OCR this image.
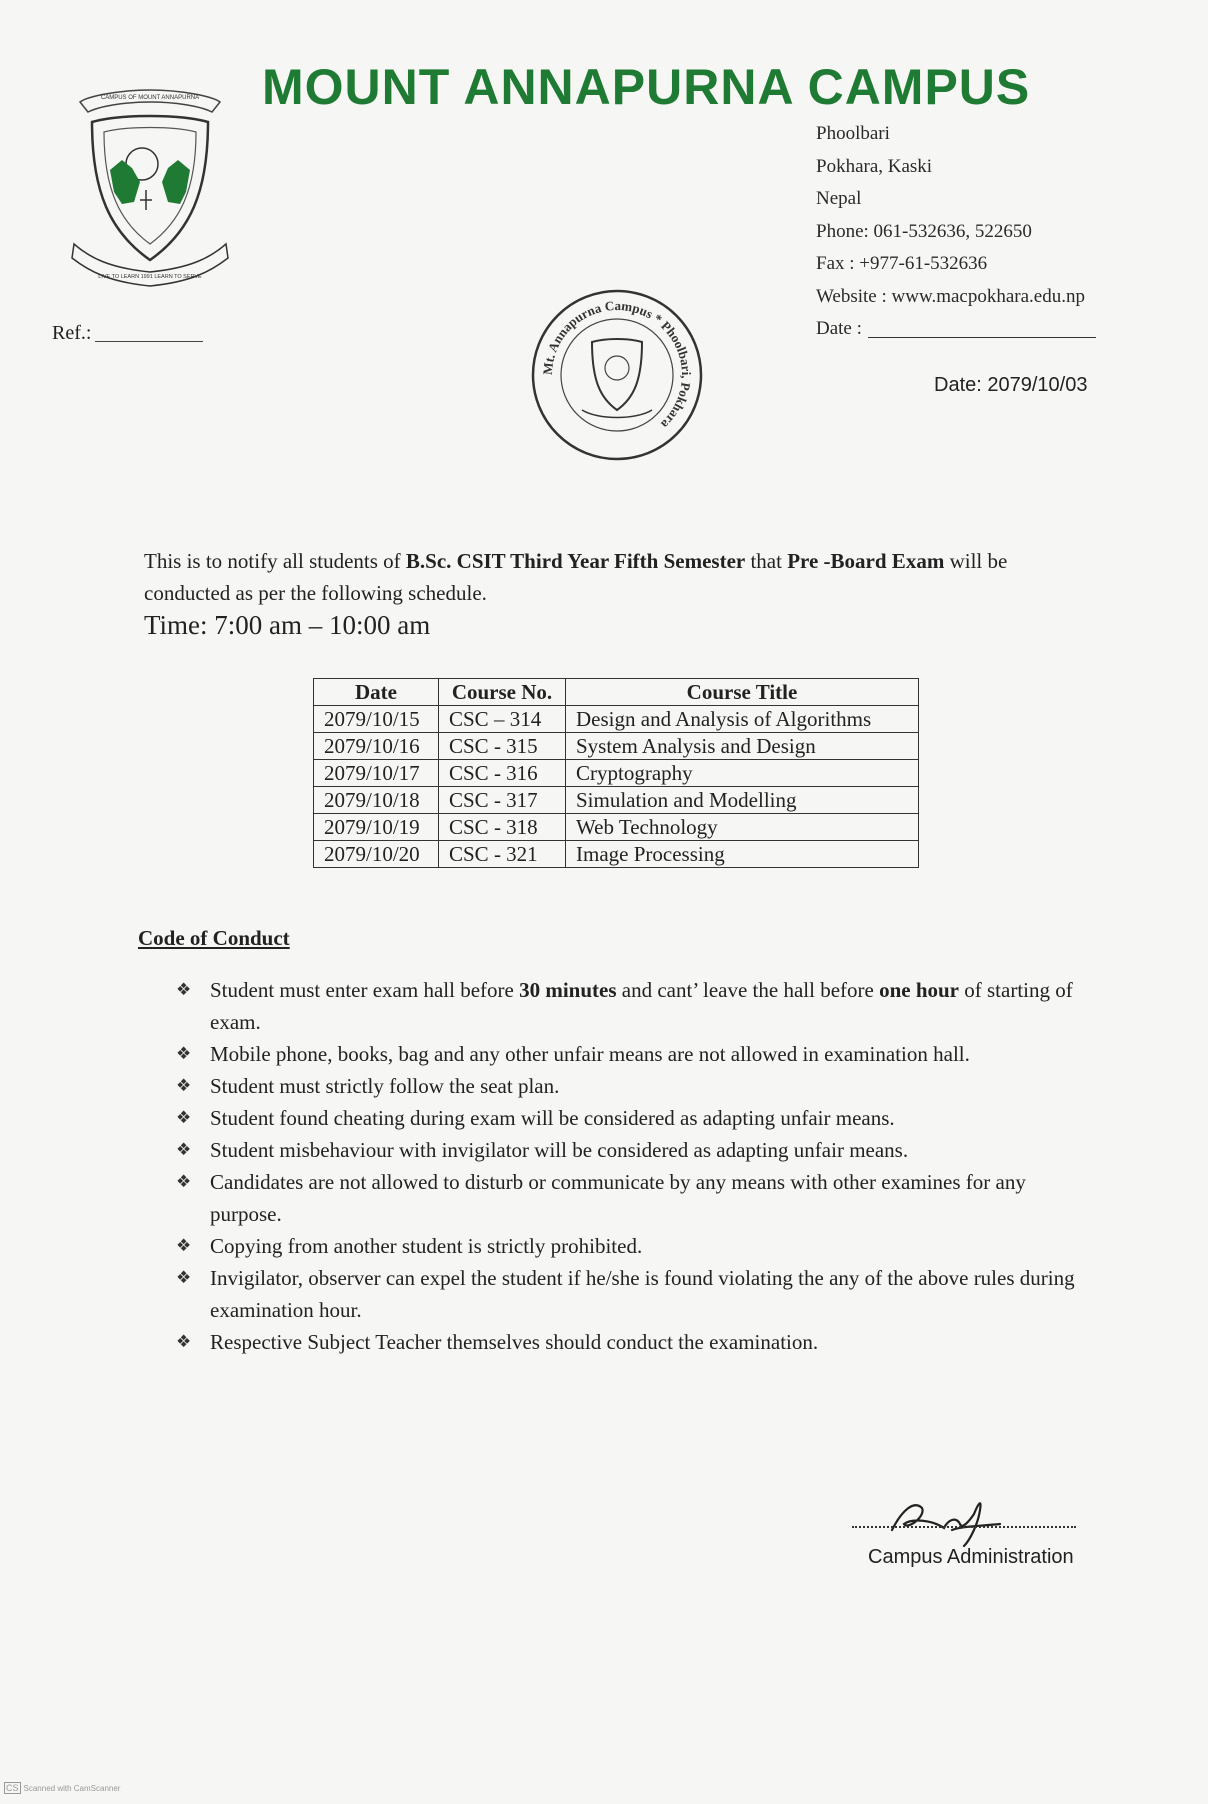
CAMPUS OF MOUNT ANNAPURNA
LIVE TO LEARN 1991 LEARN TO SERVE
MOUNT ANNAPURNA CAMPUS
Phoolbari
Pokhara, Kaski
Nepal
Phone: 061-532636, 522650
Fax : +977-61-532636
Website : www.macpokhara.edu.np
Date :
Ref.:
Mt. Annapurna Campus * Phoolbari, Pokhara
Date: 2079/10/03

This is to notify all students of B.Sc. CSIT Third Year Fifth Semester that Pre -Board Exam will be conducted as per the following schedule.

Time: 7:00 am – 10:00 am
Date	Course No.	Course Title
2079/10/15	CSC – 314	Design and Analysis of Algorithms
2079/10/16	CSC - 315	System Analysis and Design
2079/10/17	CSC - 316	Cryptography
2079/10/18	CSC - 317	Simulation and Modelling
2079/10/19	CSC - 318	Web Technology
2079/10/20	CSC - 321	Image Processing
Code of Conduct
❖ Student must enter exam hall before 30 minutes and cant’ leave the hall before one hour of starting of exam.
❖ Mobile phone, books, bag and any other unfair means are not allowed in examination hall.
❖ Student must strictly follow the seat plan.
❖ Student found cheating during exam will be considered as adapting unfair means.
❖ Student misbehaviour with invigilator will be considered as adapting unfair means.
❖ Candidates are not allowed to disturb or communicate by any means with other examines for any purpose.
❖ Copying from another student is strictly prohibited.
❖ Invigilator, observer can expel the student if he/she is found violating the any of the above rules during examination hour.
❖ Respective Subject Teacher themselves should conduct the examination.
Campus Administration
CS Scanned with CamScanner
